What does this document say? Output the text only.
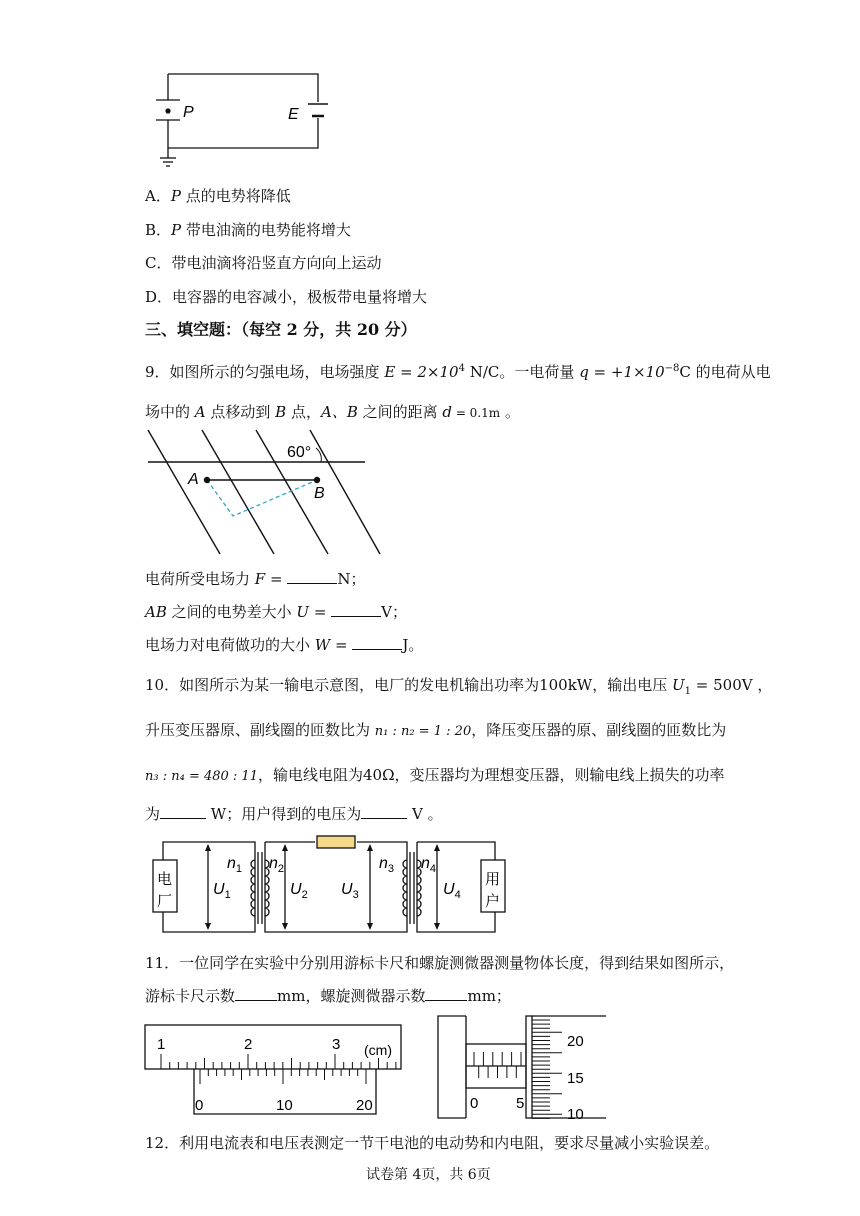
P	E
A．P 点的电势将降低
B．P 带电油滴的电势能将增大
C．带电油滴将沿竖直方向向上运动
D．电容器的电容减小，极板带电量将增大
三、填空题：（每空 2 分，共 20 分）
9．如图所示的匀强电场，电场强度 $E = 2\times 10^4$ N/C。一电荷量 $q = +1\times 10^{-8}C$ 的电荷从电
场中的 A 点移动到 B 点，A、B 之间的距离 d = 0.1m 。
60°
A
B
电荷所受电场力 F =	N；
AB 之间的电势差大小 U =	V；
电场力对电荷做功的大小 W =	J。
10．如图所示为某一输电示意图，电厂的发电机输出功率为100kW，输出电压 $U_1 = 500V$ ，
升压变压器原、副线圈的匝数比为 n₁ : n₂ = 1 : 20，降压变压器的原、副线圈的匝数比为
n₃ : n₄ = 480 : 11，输电线电阻为40Ω，变压器均为理想变压器，则输电线上损失的功率
为	W；用户得到的电压为	V 。
电
厂
用
户
$U_1$	$U_2$ $U_3$	$U_4$
$n_1$ $n_2$	$n_3$ $n_4$
11．一位同学在实验中分别用游标卡尺和螺旋测微器测量物体长度，得到结果如图所示，
游标卡尺示数	mm，螺旋测微器示数	mm；
1	2	3 (cm)
0	10	20	0	5
20
15
10
12．利用电流表和电压表测定一节干电池的电动势和内电阻，要求尽量减小实验误差。
试卷第 4页，共 6页
